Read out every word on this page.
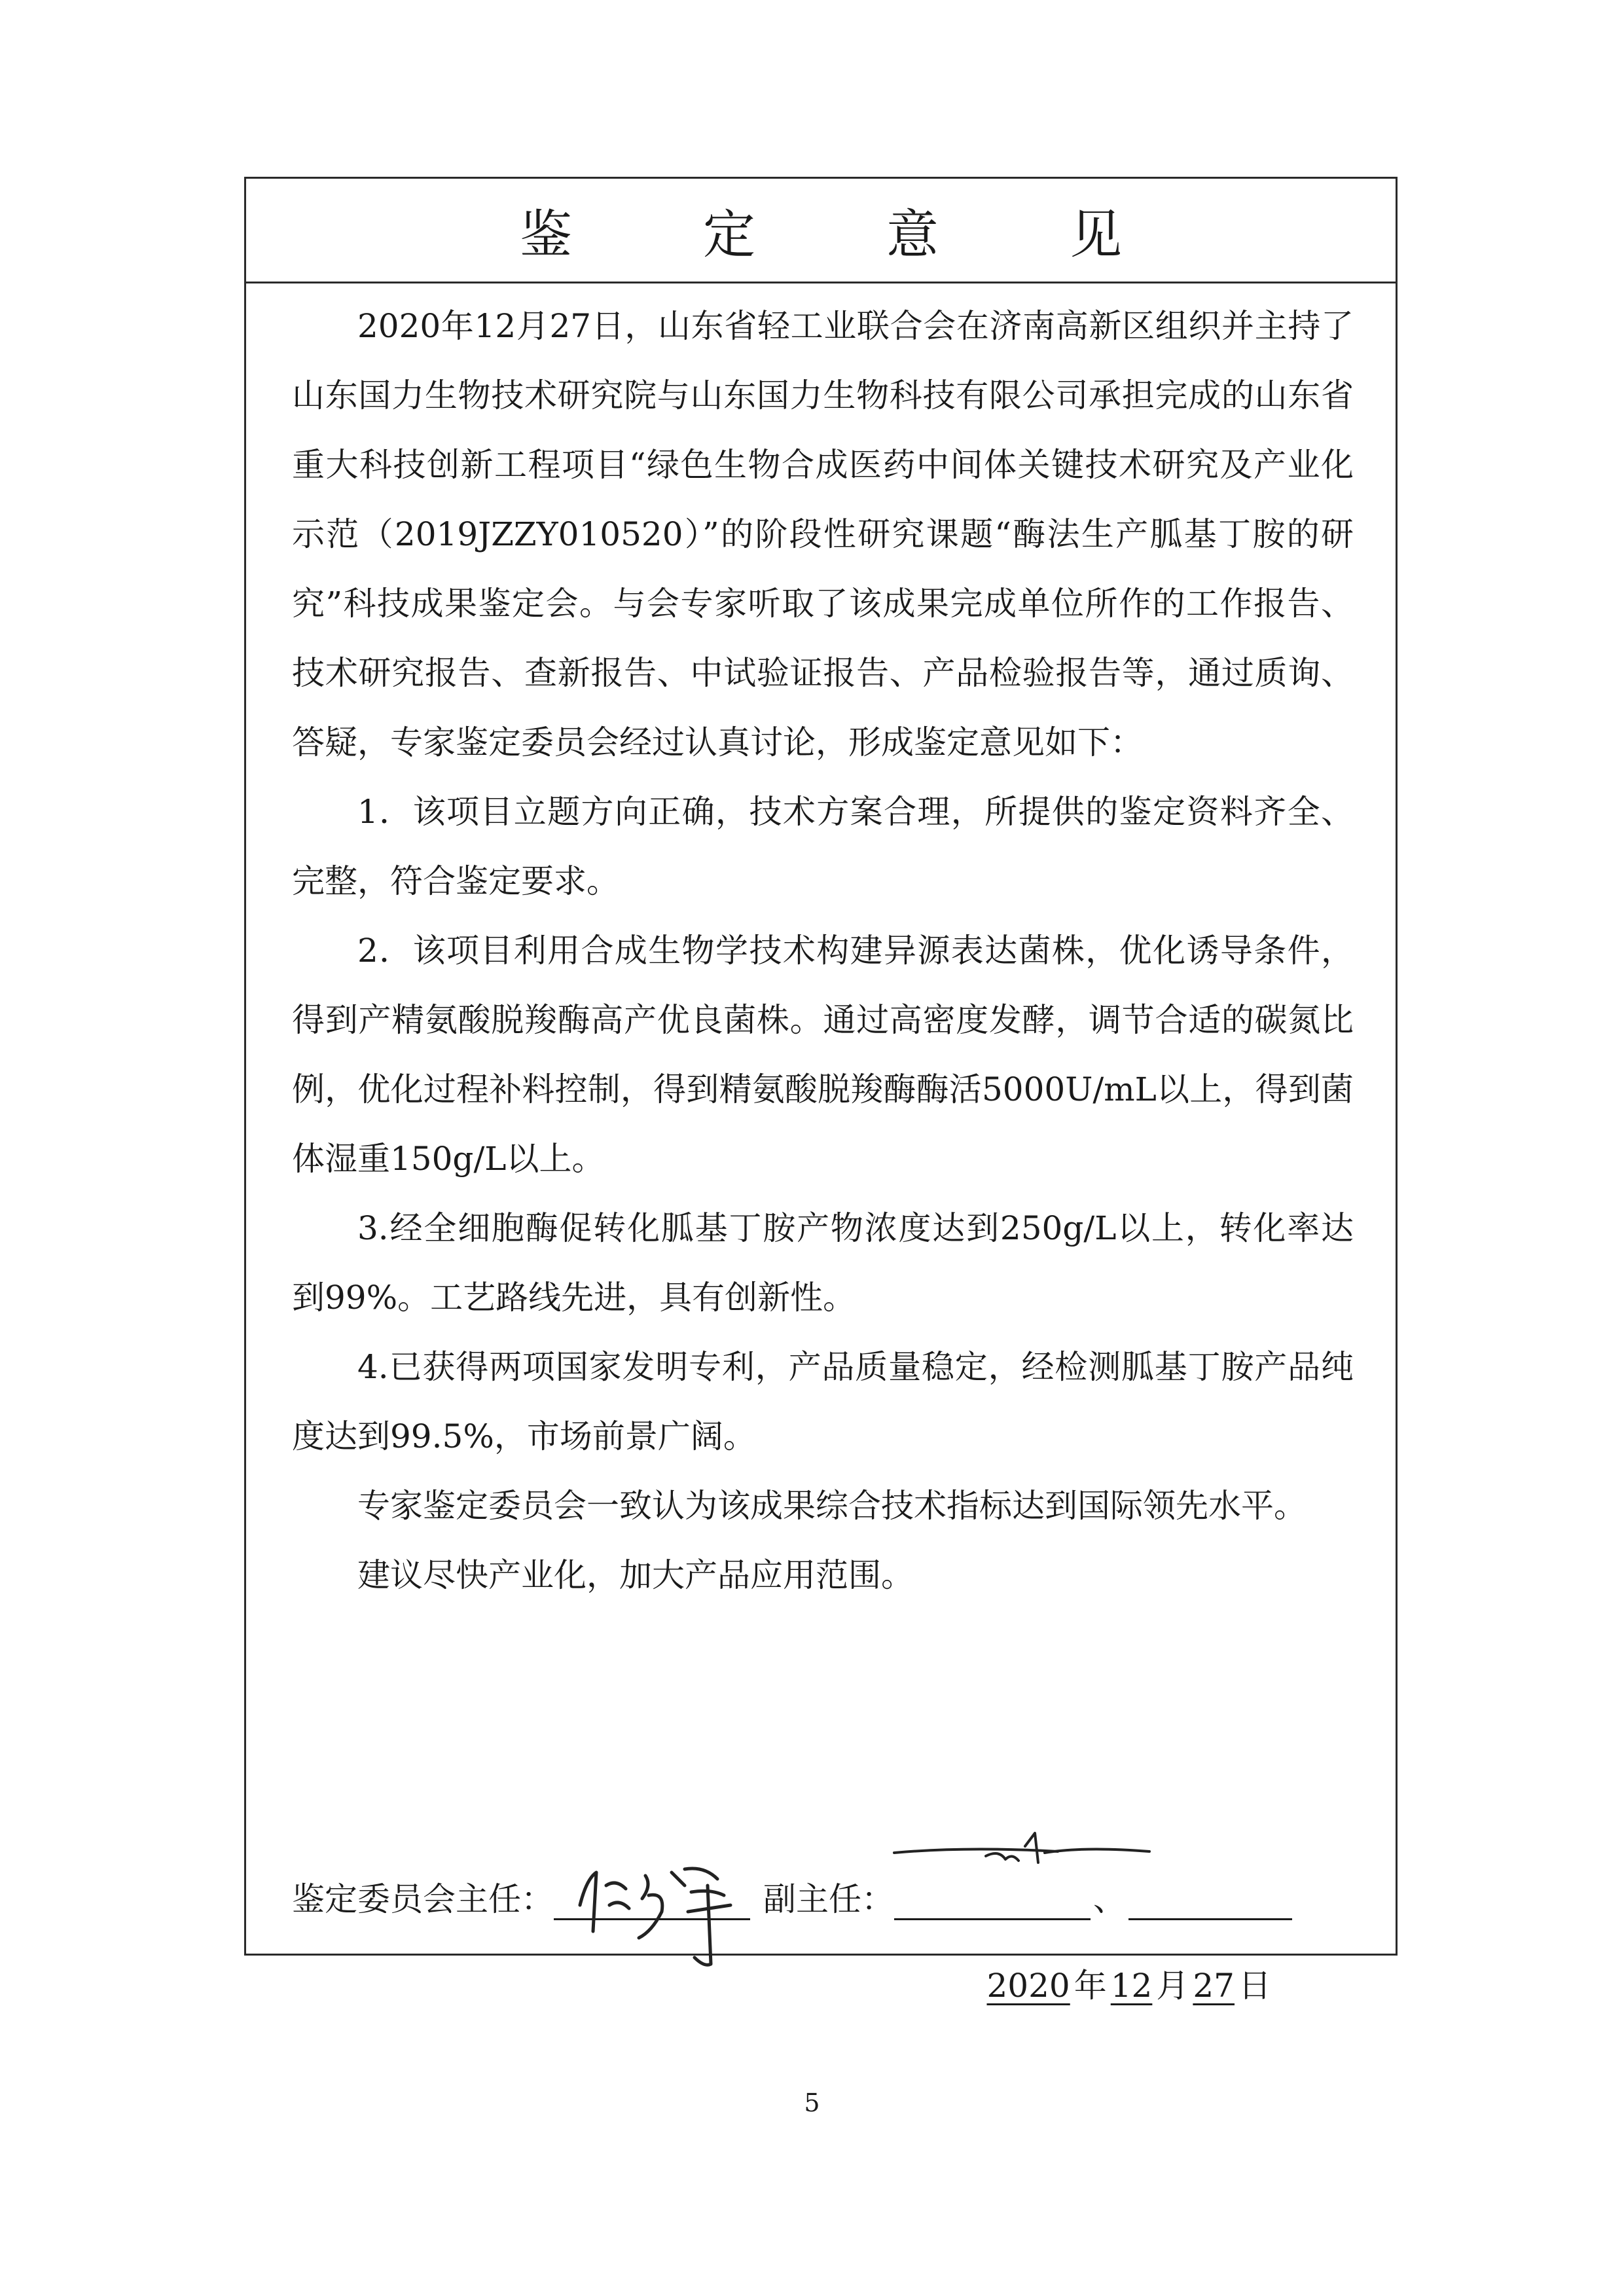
鉴定意见

2020年12月27日，山东省轻工业联合会在济南高新区组织并主持了山东国力生物技术研究院与山东国力生物科技有限公司承担完成的山东省重大科技创新工程项目“绿色生物合成医药中间体关键技术研究及产业化示范（2019JZZY010520）”的阶段性研究课题“酶法生产胍基丁胺的研究”科技成果鉴定会。与会专家听取了该成果完成单位所作的工作报告、技术研究报告、查新报告、中试验证报告、产品检验报告等，通过质询、答疑，专家鉴定委员会经过认真讨论，形成鉴定意见如下：

1．该项目立题方向正确，技术方案合理，所提供的鉴定资料齐全、完整，符合鉴定要求。

2．该项目利用合成生物学技术构建异源表达菌株，优化诱导条件，得到产精氨酸脱羧酶高产优良菌株。通过高密度发酵，调节合适的碳氮比例，优化过程补料控制，得到精氨酸脱羧酶酶活5000U/mL以上，得到菌体湿重150g/L以上。

3.经全细胞酶促转化胍基丁胺产物浓度达到250g/L以上，转化率达到99%。工艺路线先进，具有创新性。

4.已获得两项国家发明专利，产品质量稳定，经检测胍基丁胺产品纯度达到99.5%，市场前景广阔。

专家鉴定委员会一致认为该成果综合技术指标达到国际领先水平。

建议尽快产业化，加大产品应用范围。

鉴定委员会主任：	副主任：	、
2020 年 12 月 27 日
5
